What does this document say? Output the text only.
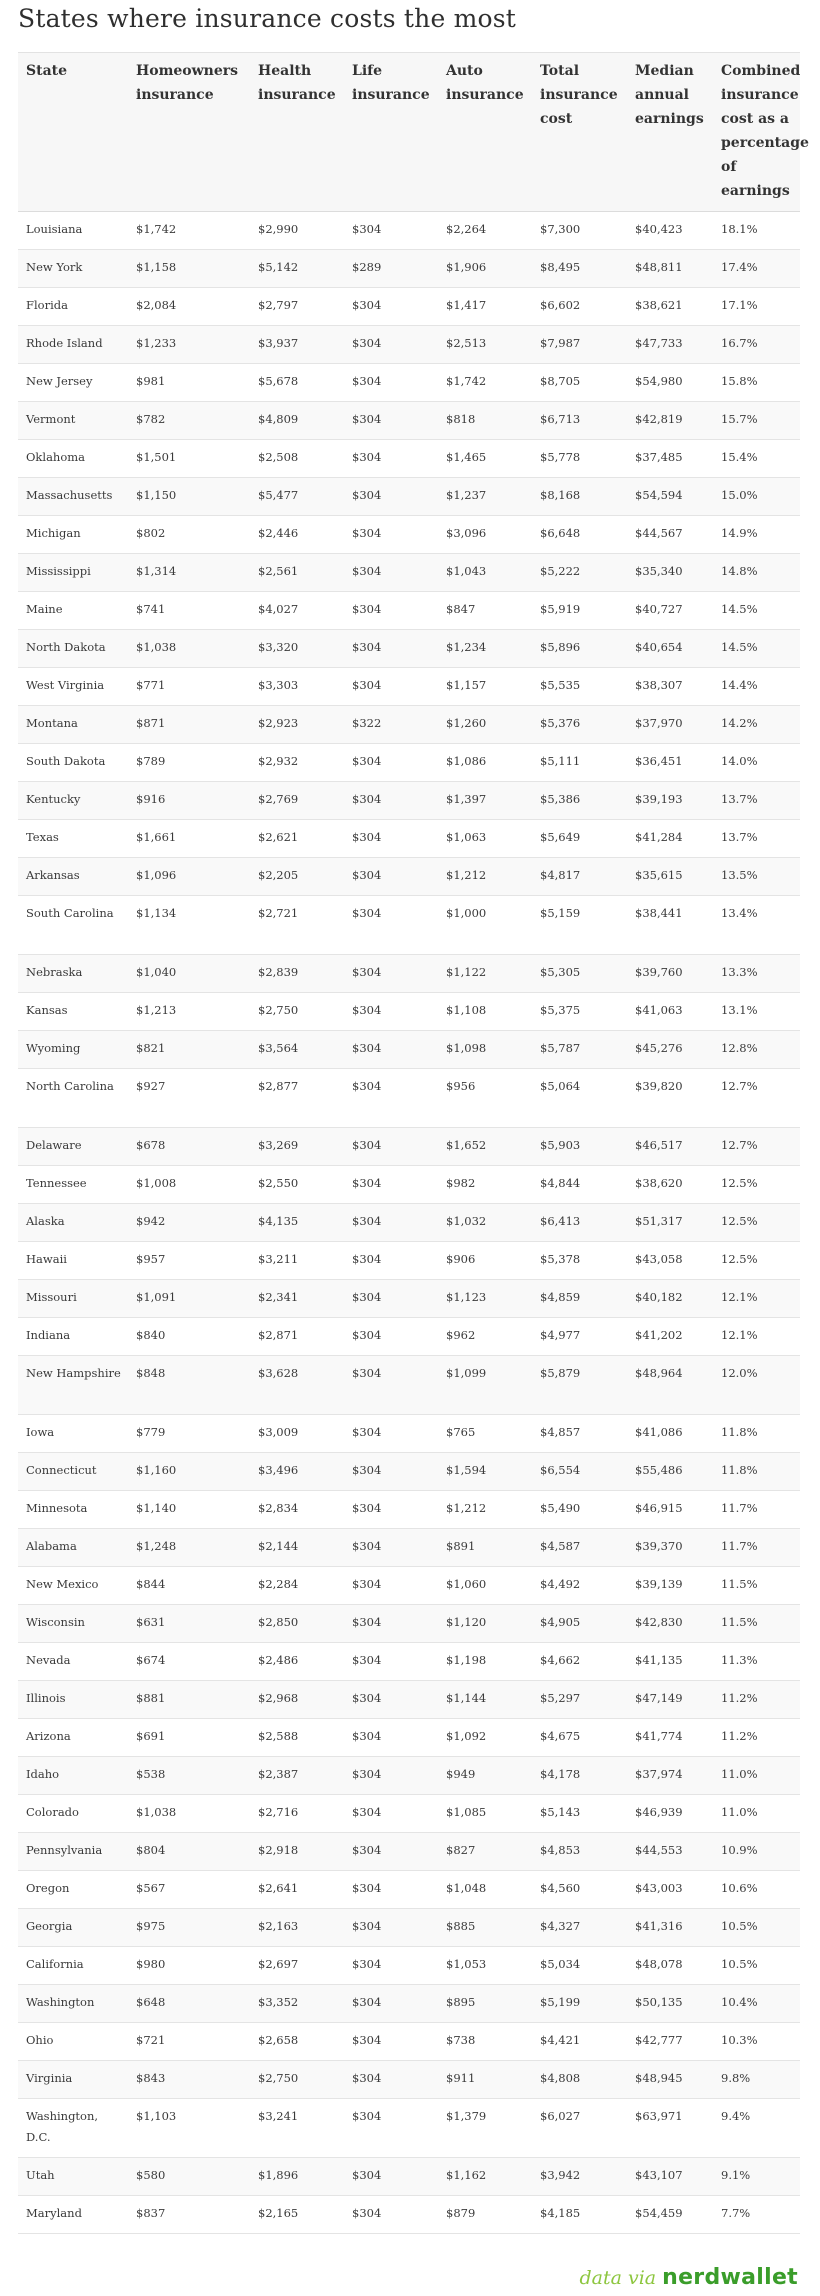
States where insurance costs the most
State	Homeowners insurance	Health insurance	Life insurance	Auto insurance	Total insurance cost	Median annual earnings	Combined insurance cost as a percentage of earnings
Louisiana	$1,742	$2,990	$304	$2,264	$7,300	$40,423	18.1%
New York	$1,158	$5,142	$289	$1,906	$8,495	$48,811	17.4%
Florida	$2,084	$2,797	$304	$1,417	$6,602	$38,621	17.1%
Rhode Island	$1,233	$3,937	$304	$2,513	$7,987	$47,733	16.7%
New Jersey	$981	$5,678	$304	$1,742	$8,705	$54,980	15.8%
Vermont	$782	$4,809	$304	$818	$6,713	$42,819	15.7%
Oklahoma	$1,501	$2,508	$304	$1,465	$5,778	$37,485	15.4%
Massachusetts	$1,150	$5,477	$304	$1,237	$8,168	$54,594	15.0%
Michigan	$802	$2,446	$304	$3,096	$6,648	$44,567	14.9%
Mississippi	$1,314	$2,561	$304	$1,043	$5,222	$35,340	14.8%
Maine	$741	$4,027	$304	$847	$5,919	$40,727	14.5%
North Dakota	$1,038	$3,320	$304	$1,234	$5,896	$40,654	14.5%
West Virginia	$771	$3,303	$304	$1,157	$5,535	$38,307	14.4%
Montana	$871	$2,923	$322	$1,260	$5,376	$37,970	14.2%
South Dakota	$789	$2,932	$304	$1,086	$5,111	$36,451	14.0%
Kentucky	$916	$2,769	$304	$1,397	$5,386	$39,193	13.7%
Texas	$1,661	$2,621	$304	$1,063	$5,649	$41,284	13.7%
Arkansas	$1,096	$2,205	$304	$1,212	$4,817	$35,615	13.5%
South Carolina	$1,134	$2,721	$304	$1,000	$5,159	$38,441	13.4%
Nebraska	$1,040	$2,839	$304	$1,122	$5,305	$39,760	13.3%
Kansas	$1,213	$2,750	$304	$1,108	$5,375	$41,063	13.1%
Wyoming	$821	$3,564	$304	$1,098	$5,787	$45,276	12.8%
North Carolina	$927	$2,877	$304	$956	$5,064	$39,820	12.7%
Delaware	$678	$3,269	$304	$1,652	$5,903	$46,517	12.7%
Tennessee	$1,008	$2,550	$304	$982	$4,844	$38,620	12.5%
Alaska	$942	$4,135	$304	$1,032	$6,413	$51,317	12.5%
Hawaii	$957	$3,211	$304	$906	$5,378	$43,058	12.5%
Missouri	$1,091	$2,341	$304	$1,123	$4,859	$40,182	12.1%
Indiana	$840	$2,871	$304	$962	$4,977	$41,202	12.1%
New Hampshire	$848	$3,628	$304	$1,099	$5,879	$48,964	12.0%
Iowa	$779	$3,009	$304	$765	$4,857	$41,086	11.8%
Connecticut	$1,160	$3,496	$304	$1,594	$6,554	$55,486	11.8%
Minnesota	$1,140	$2,834	$304	$1,212	$5,490	$46,915	11.7%
Alabama	$1,248	$2,144	$304	$891	$4,587	$39,370	11.7%
New Mexico	$844	$2,284	$304	$1,060	$4,492	$39,139	11.5%
Wisconsin	$631	$2,850	$304	$1,120	$4,905	$42,830	11.5%
Nevada	$674	$2,486	$304	$1,198	$4,662	$41,135	11.3%
Illinois	$881	$2,968	$304	$1,144	$5,297	$47,149	11.2%
Arizona	$691	$2,588	$304	$1,092	$4,675	$41,774	11.2%
Idaho	$538	$2,387	$304	$949	$4,178	$37,974	11.0%
Colorado	$1,038	$2,716	$304	$1,085	$5,143	$46,939	11.0%
Pennsylvania	$804	$2,918	$304	$827	$4,853	$44,553	10.9%
Oregon	$567	$2,641	$304	$1,048	$4,560	$43,003	10.6%
Georgia	$975	$2,163	$304	$885	$4,327	$41,316	10.5%
California	$980	$2,697	$304	$1,053	$5,034	$48,078	10.5%
Washington	$648	$3,352	$304	$895	$5,199	$50,135	10.4%
Ohio	$721	$2,658	$304	$738	$4,421	$42,777	10.3%
Virginia	$843	$2,750	$304	$911	$4,808	$48,945	9.8%
Washington, D.C.	$1,103	$3,241	$304	$1,379	$6,027	$63,971	9.4%
Utah	$580	$1,896	$304	$1,162	$3,942	$43,107	9.1%
Maryland	$837	$2,165	$304	$879	$4,185	$54,459	7.7%
data via nerdwallet
